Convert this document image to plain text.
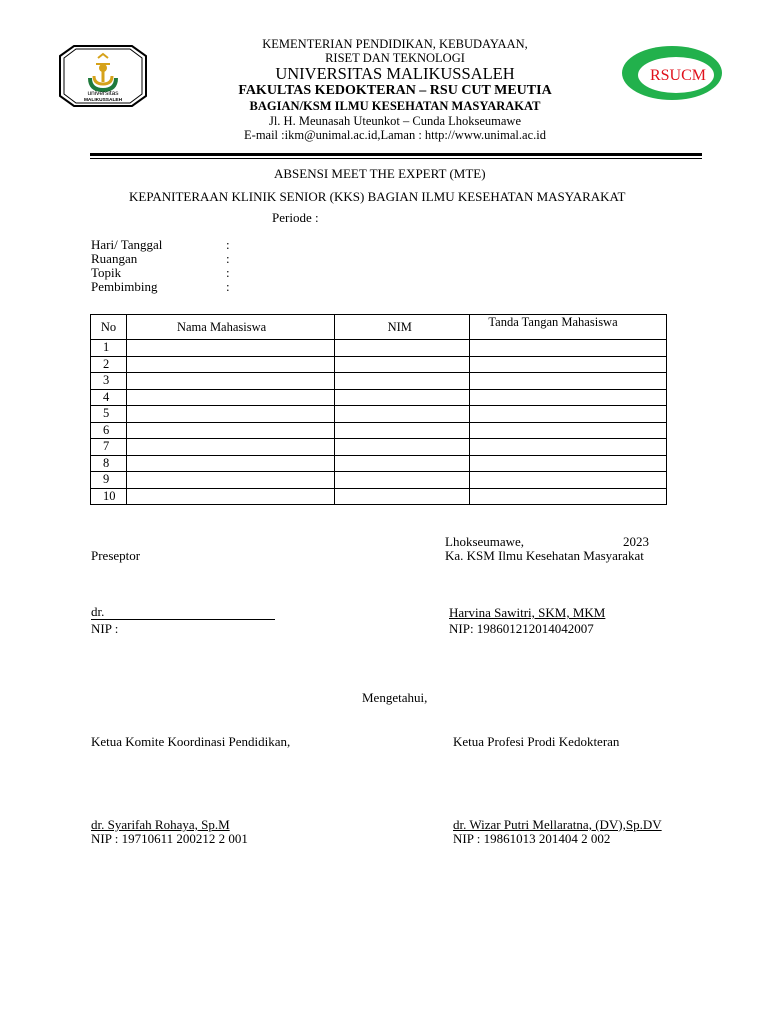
universitas
MALIKUSSALEH
RSUCM
KEMENTERIAN PENDIDIKAN, KEBUDAYAAN,
RISET DAN TEKNOLOGI
UNIVERSITAS MALIKUSSALEH
FAKULTAS KEDOKTERAN – RSU CUT MEUTIA
BAGIAN/KSM ILMU KESEHATAN MASYARAKAT
Jl. H. Meunasah Uteunkot – Cunda Lhokseumawe
E-mail :ikm@unimal.ac.id,Laman : http://www.unimal.ac.id
ABSENSI MEET THE EXPERT (MTE)
KEPANITERAAN KLINIK SENIOR (KKS) BAGIAN ILMU KESEHATAN MASYARAKAT
Periode :
Hari/ Tanggal	:
Ruangan	:
Topik	:
Pembimbing	:
No	Nama Mahasiswa	NIM	Tanda Tangan Mahasiswa
1			
2			
3			
4			
5			
6			
7			
8			
9			
10			
Lhokseumawe,	2023
Preseptor	Ka. KSM Ilmu Kesehatan Masyarakat
dr.	Harvina Sawitri, SKM, MKM
NIP :	NIP: 198601212014042007
Mengetahui,
Ketua Komite Koordinasi Pendidikan,	Ketua Profesi Prodi Kedokteran
dr. Syarifah Rohaya, Sp.M	dr. Wizar Putri Mellaratna, (DV),Sp.DV
NIP : 19710611 200212 2 001	NIP : 19861013 201404 2 002
